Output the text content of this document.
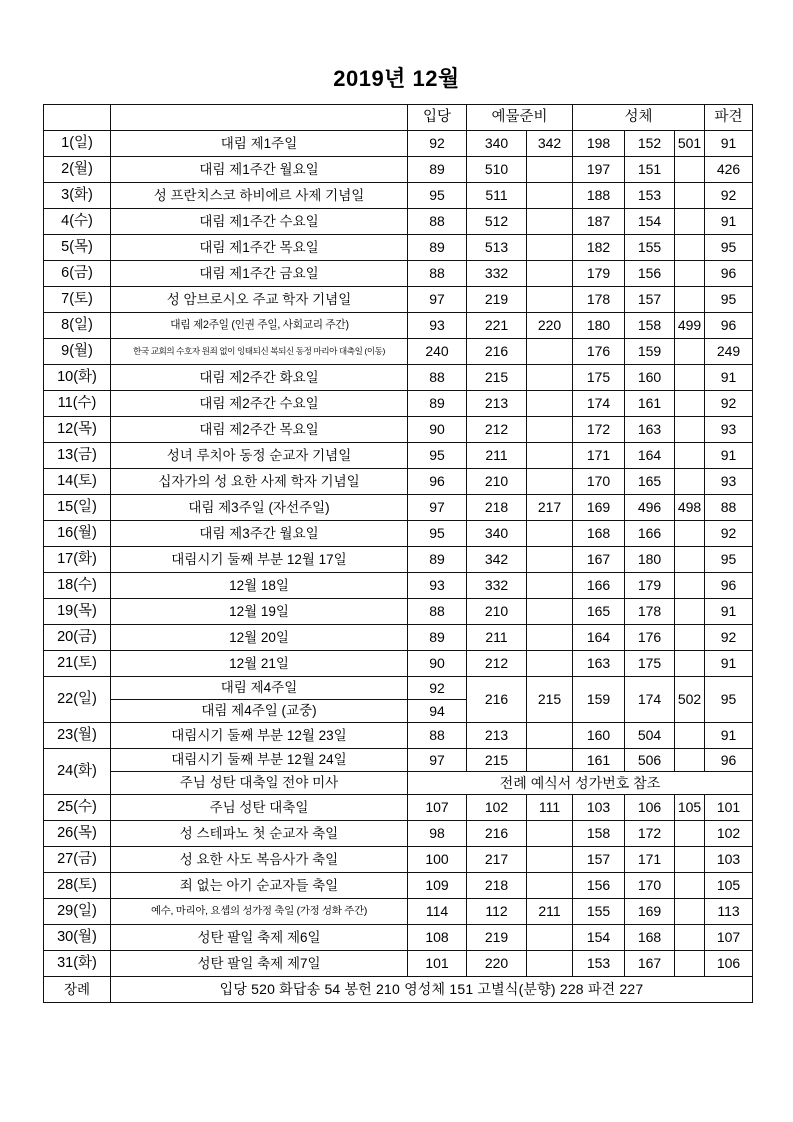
2019년 12월
		입당	예물준비		성체			파견
1(일)	대림 제1주일	92	340	342	198	152	501	91
2(월)	대림 제1주간 월요일	89	510		197	151		426
3(화)	성 프란치스코 하비에르 사제 기념일	95	511		188	153		92
4(수)	대림 제1주간 수요일	88	512		187	154		91
5(목)	대림 제1주간 목요일	89	513		182	155		95
6(금)	대림 제1주간 금요일	88	332		179	156		96
7(토)	성 암브로시오 주교 학자 기념일	97	219		178	157		95
8(일)	대림 제2주일 (인권 주일, 사회교리 주간)	93	221	220	180	158	499	96
9(월)	한국 교회의 수호자 원죄 없이 잉태되신 복되신 동정 마리아 대축일 (이동)	240	216		176	159		249
10(화)	대림 제2주간 화요일	88	215		175	160		91
11(수)	대림 제2주간 수요일	89	213		174	161		92
12(목)	대림 제2주간 목요일	90	212		172	163		93
13(금)	성녀 루치아 동정 순교자 기념일	95	211		171	164		91
14(토)	십자가의 성 요한 사제 학자 기념일	96	210		170	165		93
15(일)	대림 제3주일 (자선주일)	97	218	217	169	496	498	88
16(월)	대림 제3주간 월요일	95	340		168	166		92
17(화)	대림시기 둘째 부분 12월 17일	89	342		167	180		95
18(수)	12월 18일	93	332		166	179		96
19(목)	12월 19일	88	210		165	178		91
20(금)	12월 20일	89	211		164	176		92
21(토)	12월 21일	90	212		163	175		91
22(일)	대림 제4주일	92	216	215	159	174	502	95
	대림 제4주일 (교중)	94						
23(월)	대림시기 둘째 부분 12월 23일	88	213		160	504		91
24(화)	대림시기 둘째 부분 12월 24일	97	215		161	506		96
	주님 성탄 대축일 전야 미사	전례 예식서 성가번호 참조						
25(수)	주님 성탄 대축일	107	102	111	103	106	105	101
26(목)	성 스테파노 첫 순교자 축일	98	216		158	172		102
27(금)	성 요한 사도 복음사가 축일	100	217		157	171		103
28(토)	죄 없는 아기 순교자들 축일	109	218		156	170		105
29(일)	예수, 마리아, 요셉의 성가정 축일 (가정 성화 주간)	114	112	211	155	169		113
30(월)	성탄 팔일 축제 제6일	108	219		154	168		107
31(화)	성탄 팔일 축제 제7일	101	220		153	167		106
장례	입당 520 화답송 54 봉헌 210 영성체 151 고별식(분향) 228 파견 227							
